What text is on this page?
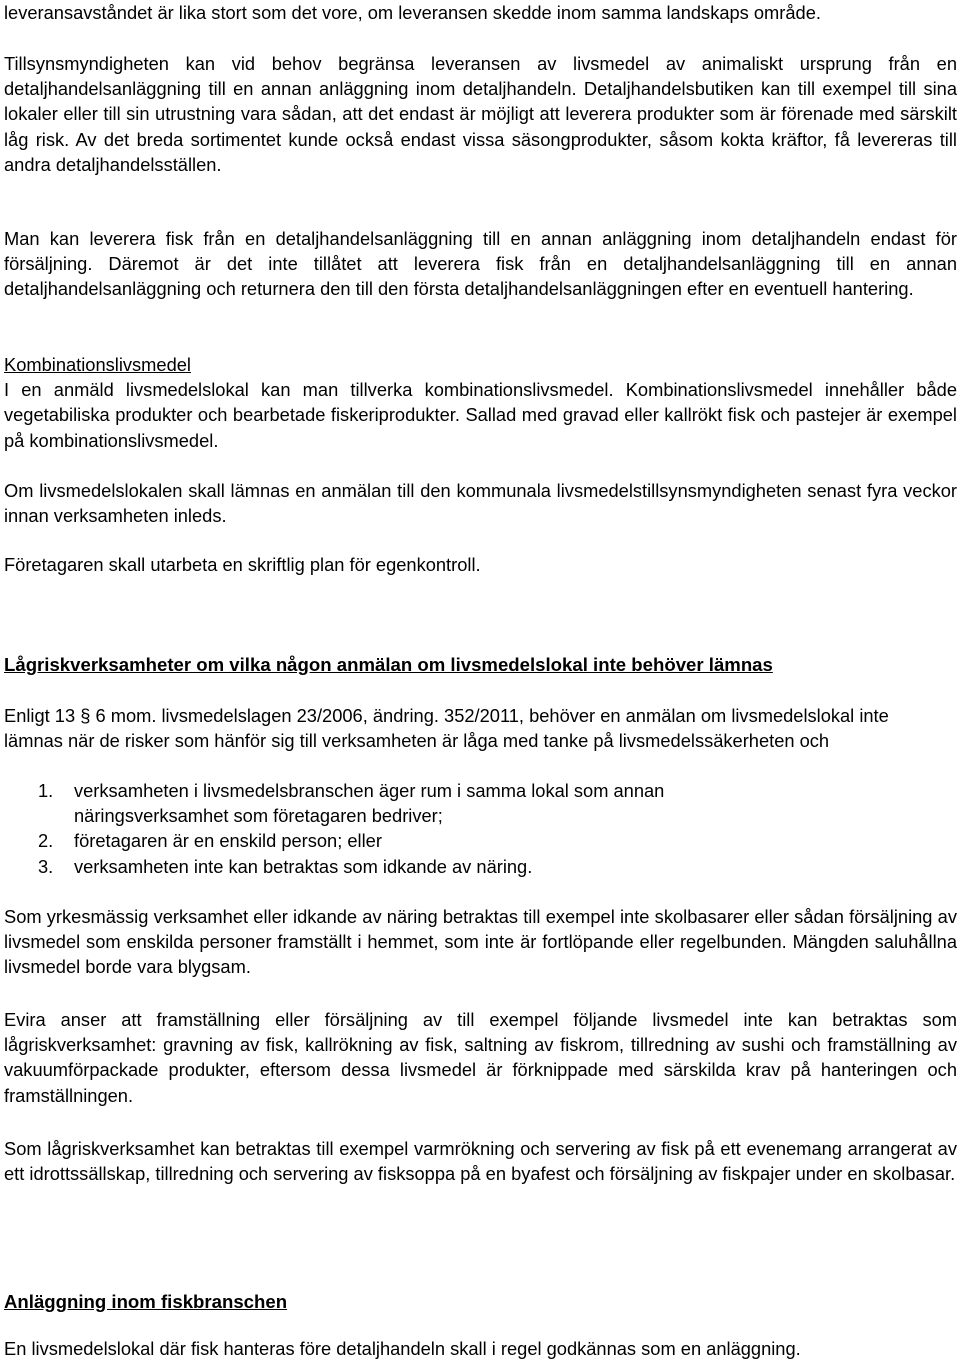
leveransavståndet är lika stort som det vore, om leveransen skedde inom samma landskaps område.

Tillsynsmyndigheten kan vid behov begränsa leveransen av livsmedel av animaliskt ursprung från en detaljhandelsanläggning till en annan anläggning inom detaljhandeln. Detaljhandelsbutiken kan till exempel till sina lokaler eller till sin utrustning vara sådan, att det endast är möjligt att leverera produkter som är förenade med särskilt låg risk. Av det breda sortimentet kunde också endast vissa säsongprodukter, såsom kokta kräftor, få levereras till andra detaljhandelsställen.

Man kan leverera fisk från en detaljhandelsanläggning till en annan anläggning inom detaljhandeln endast för försäljning. Däremot är det inte tillåtet att leverera fisk från en detaljhandelsanläggning till en annan detaljhandelsanläggning och returnera den till den första detaljhandelsanläggningen efter en eventuell hantering.

Kombinationslivsmedel
I en anmäld livsmedelslokal kan man tillverka kombinationslivsmedel. Kombinationslivsmedel innehåller både vegetabiliska produkter och bearbetade fiskeriprodukter. Sallad med gravad eller kallrökt fisk och pastejer är exempel på kombinationslivsmedel.

Om livsmedelslokalen skall lämnas en anmälan till den kommunala livsmedelstillsynsmyndigheten senast fyra veckor innan verksamheten inleds.

Företagaren skall utarbeta en skriftlig plan för egenkontroll.

Lågriskverksamheter om vilka någon anmälan om livsmedelslokal inte behöver lämnas

Enligt 13 § 6 mom. livsmedelslagen 23/2006, ändring. 352/2011, behöver en anmälan om livsmedelslokal inte lämnas när de risker som hänför sig till verksamheten är låga med tanke på livsmedelssäkerheten och

1. verksamheten i livsmedelsbranschen äger rum i samma lokal som annan näringsverksamhet som företagaren bedriver;
2. företagaren är en enskild person; eller
3. verksamheten inte kan betraktas som idkande av näring.

Som yrkesmässig verksamhet eller idkande av näring betraktas till exempel inte skolbasarer eller sådan försäljning av livsmedel som enskilda personer framställt i hemmet, som inte är fortlöpande eller regelbunden. Mängden saluhållna livsmedel borde vara blygsam.

Evira anser att framställning eller försäljning av till exempel följande livsmedel inte kan betraktas som lågriskverksamhet: gravning av fisk, kallrökning av fisk, saltning av fiskrom, tillredning av sushi och framställning av vakuumförpackade produkter, eftersom dessa livsmedel är förknippade med särskilda krav på hanteringen och framställningen.

Som lågriskverksamhet kan betraktas till exempel varmrökning och servering av fisk på ett evenemang arrangerat av ett idrottssällskap, tillredning och servering av fisksoppa på en byafest och försäljning av fiskpajer under en skolbasar.

Anläggning inom fiskbranschen

En livsmedelslokal där fisk hanteras före detaljhandeln skall i regel godkännas som en anläggning.
